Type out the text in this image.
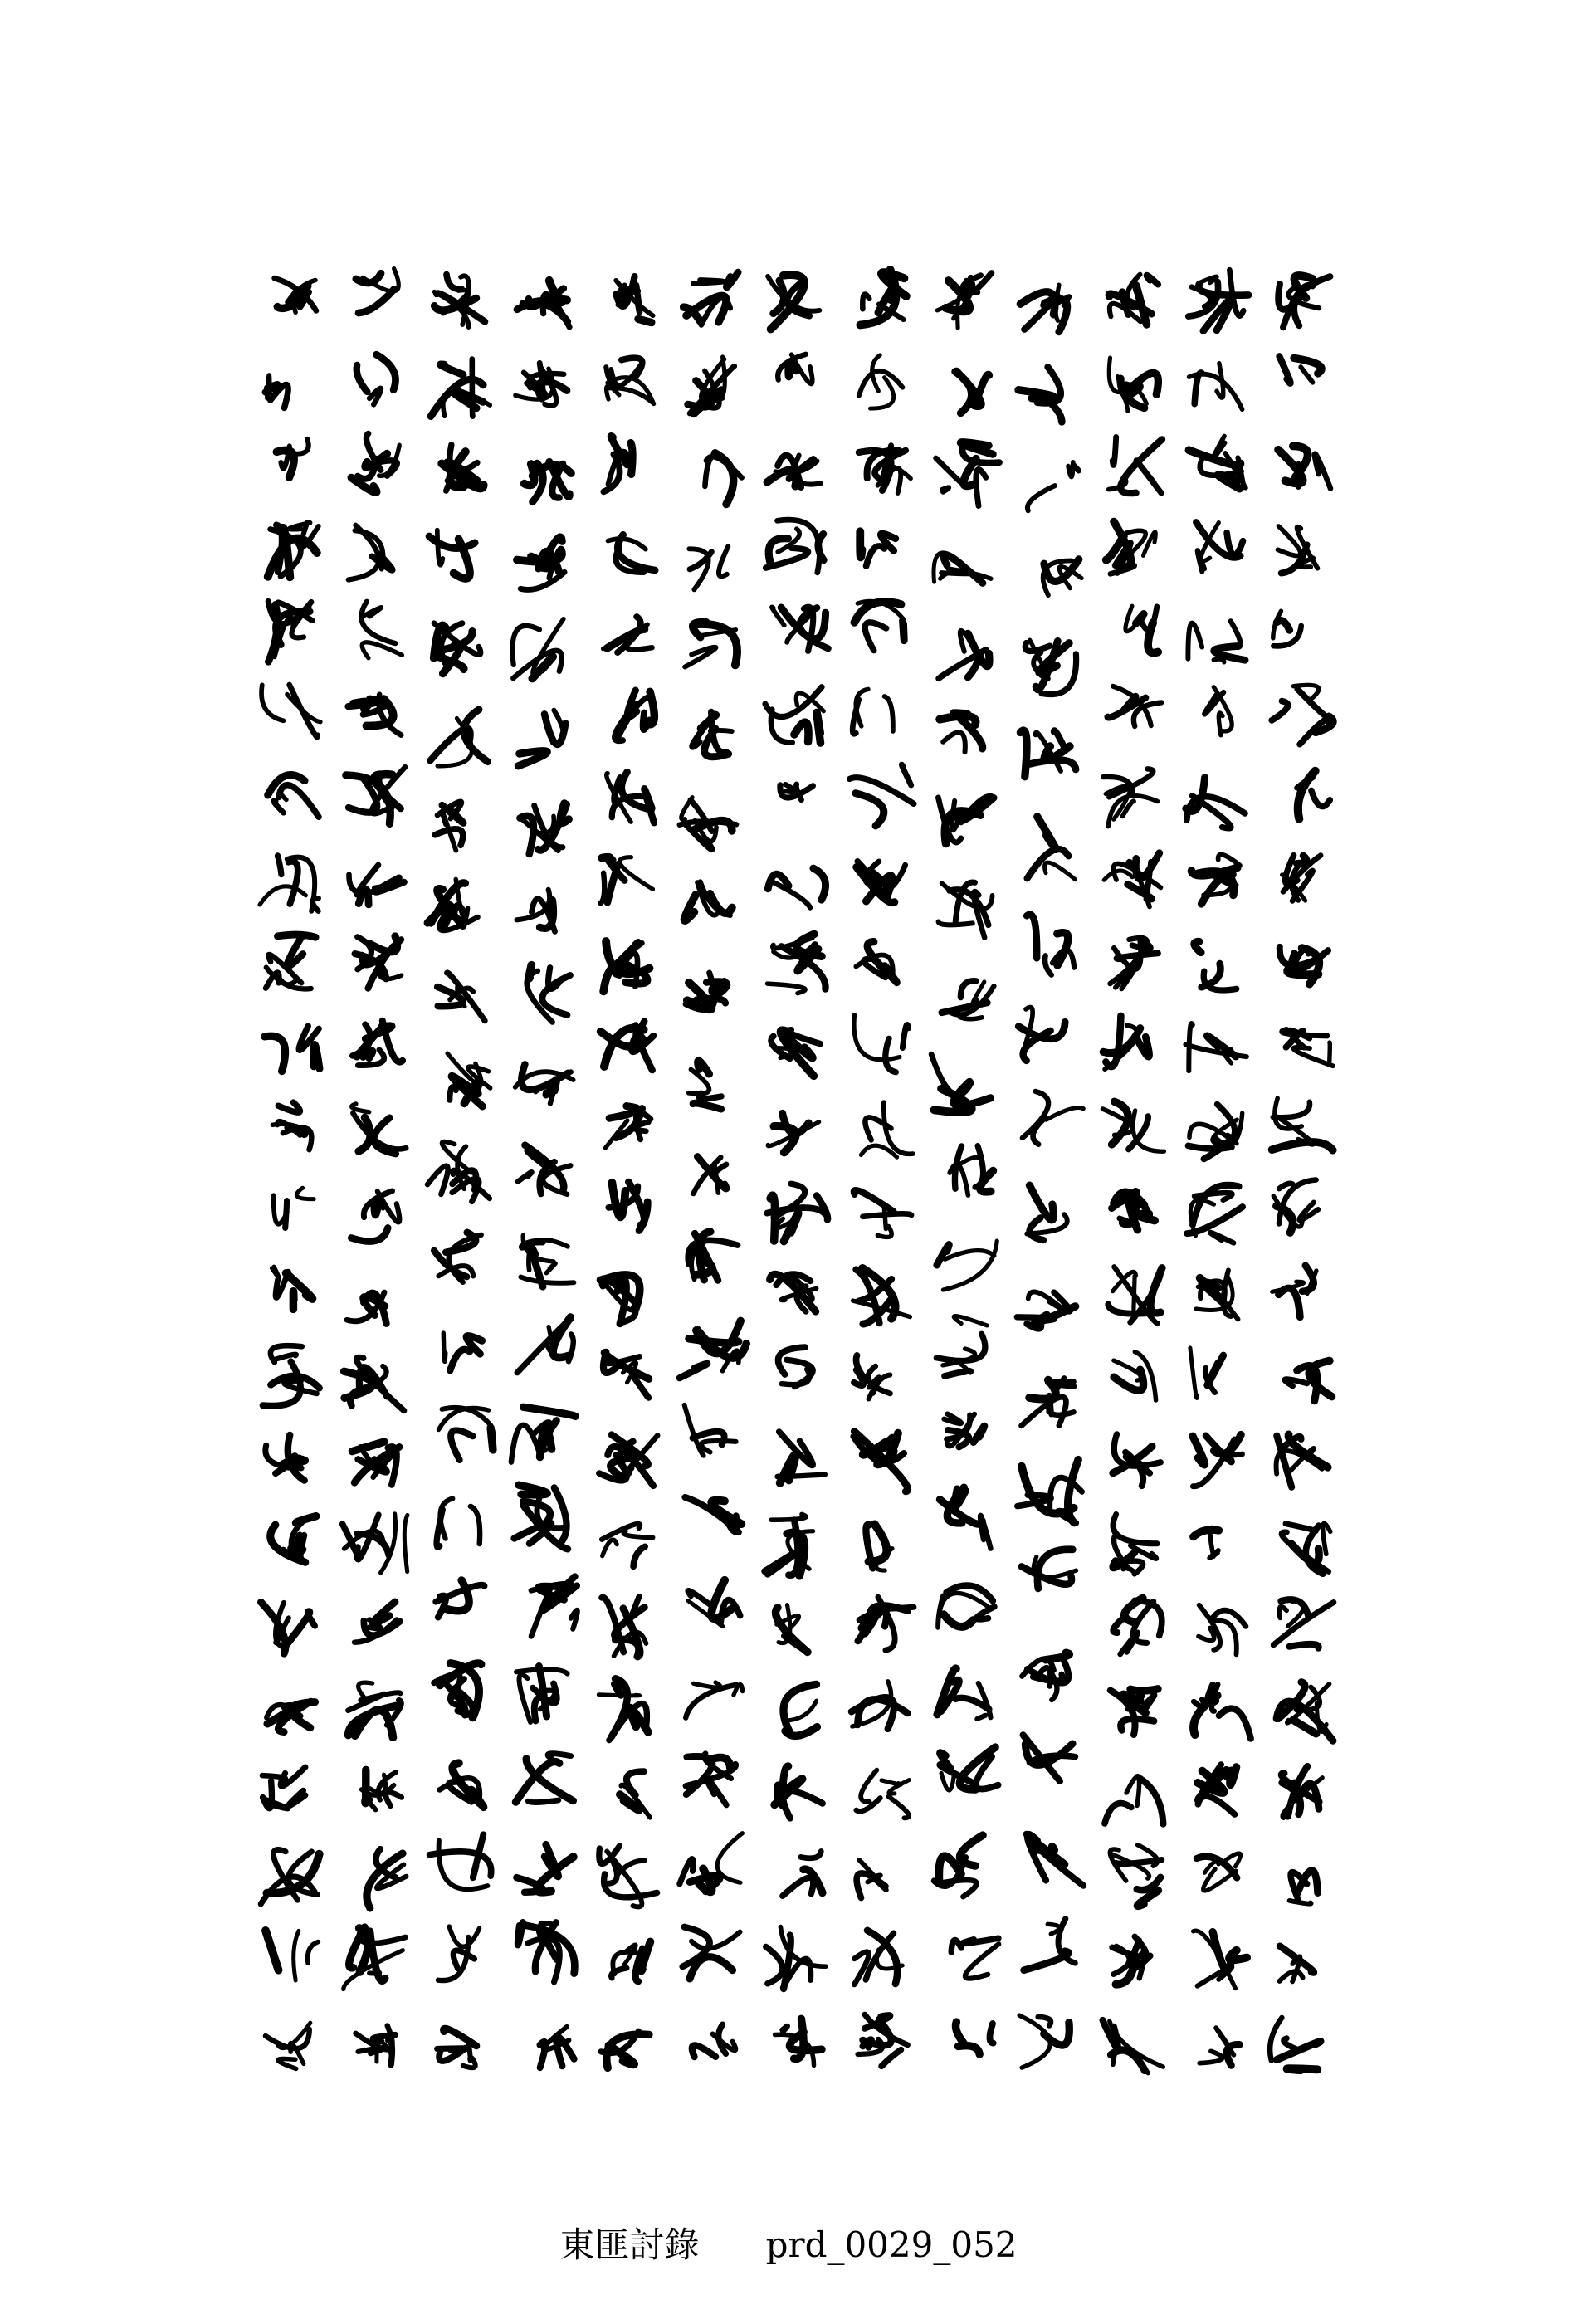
東匪討錄 prd_0029_052
